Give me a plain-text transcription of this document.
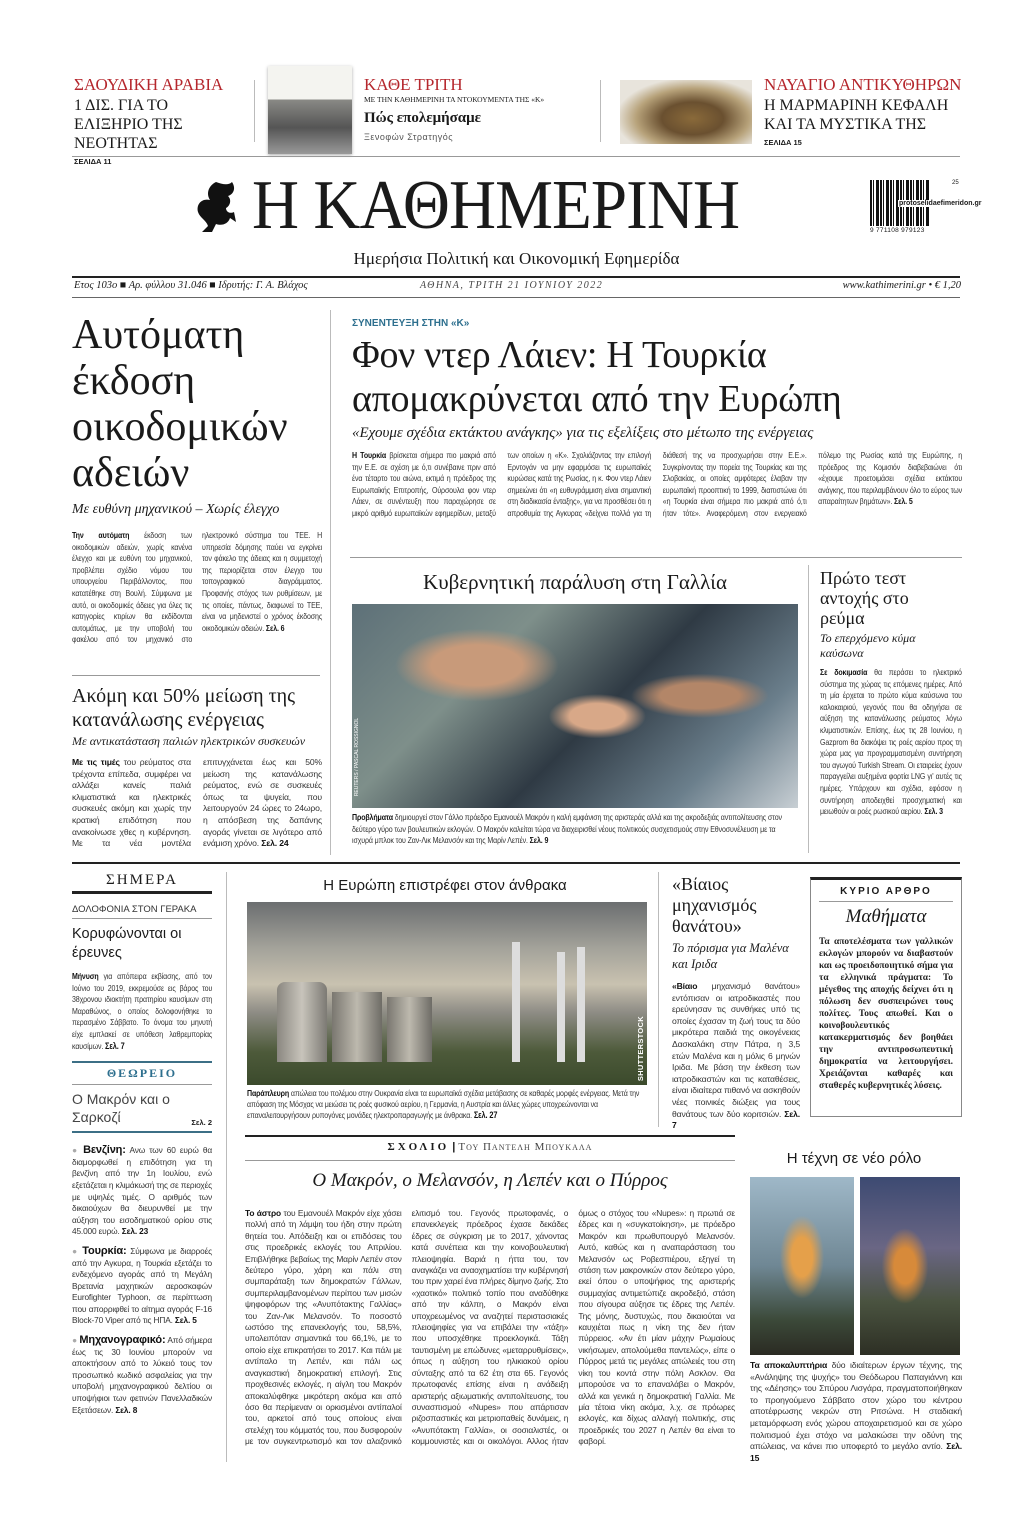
ΣΑΟΥΔΙΚΗ ΑΡΑΒΙΑ
1 ΔΙΣ. ΓΙΑ ΤΟ ΕΛΙΞΗΡΙΟ ΤΗΣ ΝΕΟΤΗΤΑΣ
ΣΕΛΙΔΑ 11
ΚΑΘΕ ΤΡΙΤΗ
ΜΕ ΤΗΝ ΚΑΘΗΜΕΡΙΝΗ ΤΑ ΝΤΟΚΟΥΜΕΝΤΑ ΤΗΣ «Κ»
Πώς επολεμήσαμε
Ξενοφών Στρατηγός
ΝΑΥΑΓΙΟ ΑΝΤΙΚΥΘΗΡΩΝ
Η ΜΑΡΜΑΡΙΝΗ ΚΕΦΑΛΗ ΚΑΙ ΤΑ ΜΥΣΤΙΚΑ ΤΗΣ
ΣΕΛΙΔΑ 15
Η ΚΑΘΗΜΕΡΙΝΗ	25
protoselidaefimeridon.gr
9 771108 979123
Ημερήσια Πολιτική και Οικονομική Εφημερίδα
Ετος 103ο ■ Αρ. φύλλου 31.046 ■ Ιδρυτής: Γ. Α. Βλάχος	ΑΘΗΝΑ, ΤΡΙΤΗ 21 ΙΟΥΝΙΟΥ 2022	www.kathimerini.gr • € 1,20
Αυτόματη έκδοση οικοδομικών αδειών
Με ευθύνη μηχανικού – Χωρίς έλεγχο
Την αυτόματη έκδοση των οικοδομικών αδειών, χωρίς κανένα έλεγχο και με ευθύνη του μηχανικού, προβλέπει σχέδιο νόμου του υπουργείου Περιβάλλοντος, που κατατέθηκε στη Βουλή. Σύμφωνα με αυτό, οι οικοδομικές άδειες για όλες τις κατηγορίες κτιρίων θα εκδίδονται αυτομάτως, με την υποβολή του φακέλου από τον μηχανικό στο ηλεκτρονικό σύστημα του ΤΕΕ. Η υπηρεσία δόμησης παύει να εγκρίνει τον φάκελο της άδειας και η συμμετοχή της περιορίζεται στον έλεγχο του τοπογραφικού διαγράμματος. Προφανής στόχος των ρυθμίσεων, με τις οποίες, πάντως, διαφωνεί το ΤΕΕ, είναι να μηδενιστεί ο χρόνος έκδοσης οικοδομικών αδειών. Σελ. 6
Ακόμη και 50% μείωση της κατανάλωσης ενέργειας
Με αντικατάσταση παλιών ηλεκτρικών συσκευών
Με τις τιμές του ρεύματος στα τρέχοντα επίπεδα, συμφέρει να αλλάξει κανείς παλιά κλιματιστικά και ηλεκτρικές συσκευές ακόμη και χωρίς την κρατική επιδότηση που ανακοίνωσε χθες η κυβέρνηση. Με τα νέα μοντέλα επιτυγχάνεται έως και 50% μείωση της κατανάλωσης ρεύματος, ενώ σε συσκευές όπως τα ψυγεία, που λειτουργούν 24 ώρες το 24ωρο, η απόσβεση της δαπάνης αγοράς γίνεται σε λιγότερο από ενάμιση χρόνο. Σελ. 24
ΣΥΝΕΝΤΕΥΞΗ ΣΤΗΝ «Κ»
Φον ντερ Λάιεν: Η Τουρκία απομακρύνεται από την Ευρώπη
«Εχουμε σχέδια εκτάκτου ανάγκης» για τις εξελίξεις στο μέτωπο της ενέργειας
Η Τουρκία βρίσκεται σήμερα πιο μακριά από την Ε.Ε. σε σχέση με ό,τι συνέβαινε πριν από ένα τέταρτο του αιώνα, εκτιμά η πρόεδρος της Ευρωπαϊκής Επιτροπής, Ούρσουλα φον ντερ Λάιεν, σε συνέντευξη που παραχώρησε σε μικρό αριθμό ευρωπαϊκών εφημερίδων, μεταξύ των οποίων η «Κ». Σχολιάζοντας την επιλογή Ερντογάν να μην εφαρμόσει τις ευρωπαϊκές κυρώσεις κατά της Ρωσίας, η κ. Φον ντερ Λάιεν σημειώνει ότι «η ευθυγράμμιση είναι σημαντική στη διαδικασία ένταξης», για να προσθέσει ότι η απροθυμία της Αγκυρας «δείχνει πολλά για τη διάθεσή της να προσχωρήσει στην Ε.Ε.». Συγκρίνοντας την πορεία της Τουρκίας και της Σλοβακίας, οι οποίες αμφότερες έλαβαν την ευρωπαϊκή προοπτική το 1999, διαπιστώνει ότι «η Τουρκία είναι σήμερα πιο μακριά από ό,τι ήταν τότε». Αναφερόμενη στον ενεργειακό πόλεμο της Ρωσίας κατά της Ευρώπης, η πρόεδρος της Κομισιόν διαβεβαιώνει ότι «έχουμε προετοιμάσει σχέδια εκτάκτου ανάγκης, που περιλαμβάνουν όλο το εύρος των απαραίτητων βημάτων». Σελ. 5
Κυβερνητική παράλυση στη Γαλλία
REUTERS / PASCAL ROSSIGNOL
Προβλήματα δημιουργεί στον Γάλλο πρόεδρο Εμανουέλ Μακρόν η καλή εμφάνιση της αριστεράς αλλά και της ακροδεξιάς αντιπολίτευσης στον δεύτερο γύρο των βουλευτικών εκλογών. Ο Μακρόν καλείται τώρα να διαχειρισθεί νέους πολιτικούς συσχετισμούς στην Εθνοσυνέλευση με τα ισχυρά μπλοκ του Ζαν-Λικ Μελανσόν και της Μαρίν Λεπέν. Σελ. 9
Πρώτο τεστ αντοχής στο ρεύμα
Το επερχόμενο κύμα καύσωνα
Σε δοκιμασία θα περάσει το ηλεκτρικό σύστημα της χώρας τις επόμενες ημέρες. Από τη μία έρχεται το πρώτο κύμα καύσωνα του καλοκαιριού, γεγονός που θα οδηγήσει σε αύξηση της κατανάλωσης ρεύματος λόγω κλιματιστικών. Επίσης, έως τις 28 Ιουνίου, η Gazprom θα διακόψει τις ροές αερίου προς τη χώρα μας για προγραμματισμένη συντήρηση του αγωγού Turkish Stream. Οι εταιρείες έχουν παραγγείλει αυξημένα φορτία LNG γι' αυτές τις ημέρες. Υπάρχουν και σχέδια, εφόσον η συντήρηση αποδειχθεί προσχηματική και μειωθούν οι ροές ρωσικού αερίου. Σελ. 3
ΣΗΜΕΡΑ
ΔΟΛΟΦΟΝΙΑ ΣΤΟΝ ΓΕΡΑΚΑ
Κορυφώνονται οι έρευνες
Μήνυση για απόπειρα εκβίασης, από τον Ιούνιο του 2019, εκκρεμούσε εις βάρος του 38χρονου ιδιοκτήτη πρατηρίου καυσίμων στη Μαραθώνος, ο οποίος δολοφονήθηκε το περασμένο Σάββατο. Το όνομα του μηνυτή είχε εμπλακεί σε υπόθεση λαθρεμπορίας καυσίμων. Σελ. 7
ΘΕΩΡΕΙΟ
Ο Μακρόν και ο Σαρκοζί	Σελ. 2
● Βενζίνη: Ανω των 60 ευρώ θα διαμορφωθεί η επιδότηση για τη βενζίνη από την 1η Ιουλίου, ενώ εξετάζεται η κλιμάκωσή της σε περιοχές με υψηλές τιμές. Ο αριθμός των δικαιούχων θα διευρυνθεί με την αύξηση του εισοδηματικού ορίου στις 45.000 ευρώ. Σελ. 23
● Τουρκία: Σύμφωνα με διαρροές από την Αγκυρα, η Τουρκία εξετάζει το ενδεχόμενο αγοράς από τη Μεγάλη Βρετανία μαχητικών αεροσκαφών Eurofighter Typhoon, σε περίπτωση που απορριφθεί το αίτημα αγοράς F-16 Block-70 Viper από τις ΗΠΑ. Σελ. 5
● Μηχανογραφικό: Από σήμερα έως τις 30 Ιουνίου μπορούν να αποκτήσουν από το λύκειό τους τον προσωπικό κωδικό ασφαλείας για την υποβολή μηχανογραφικού δελτίου οι υποψήφιοι των φετινών Πανελλαδικών Εξετάσεων. Σελ. 8
Η Ευρώπη επιστρέφει στον άνθρακα
SHUTTERSTOCK
Παράπλευρη απώλεια του πολέμου στην Ουκρανία είναι τα ευρωπαϊκά σχέδια μετάβασης σε καθαρές μορφές ενέργειας. Μετά την απόφαση της Μόσχας να μειώσει τις ροές φυσικού αερίου, η Γερμανία, η Αυστρία και άλλες χώρες υποχρεώνονται να επαναλειτουργήσουν ρυπογόνες μονάδες ηλεκτροπαραγωγής με άνθρακα. Σελ. 27
ΣΧΟΛΙΟ | Του Παντελη Μπουκαλα
Ο Μακρόν, ο Μελανσόν, η Λεπέν και ο Πύρρος
Το άστρο του Εμανουέλ Μακρόν είχε χάσει πολλή από τη λάμψη του ήδη στην πρώτη θητεία του. Απόδειξη και οι επιδόσεις του στις προεδρικές εκλογές του Απριλίου. Επιβλήθηκε βεβαίως της Μαρίν Λεπέν στον δεύτερο γύρο, χάρη και πάλι στη συμπαράταξη των δημοκρατών Γάλλων, συμπεριλαμβανομένων περίπου των μισών ψηφοφόρων της «Ανυπότακτης Γαλλίας» του Ζαν-Λικ Μελανσόν. Το ποσοστό ωστόσο της επανεκλογής του, 58,5%, υπολειπόταν σημαντικά του 66,1%, με το οποίο είχε επικρατήσει το 2017. Και πάλι με αντίπαλο τη Λεπέν, και πάλι ως αναγκαστική δημοκρατική επιλογή. Στις προχθεσινές εκλογές, η αίγλη του Μακρόν αποκαλύφθηκε μικρότερη ακόμα και από όσο θα περίμεναν οι ορκισμένοι αντίπαλοί του, αρκετοί από τους οποίους είναι στελέχη του κόμματός του, που δυσφορούν με τον συγκεντρωτισμό και τον αλαζονικό ελιτισμό του. Γεγονός πρωτοφανές, ο επανεκλεγείς πρόεδρος έχασε δεκάδες έδρες σε σύγκριση με το 2017, χάνοντας κατά συνέπεια και την κοινοβουλευτική πλειοψηφία. Βαριά η ήττα του, τον αναγκάζει να αναοχηματίσει την κυβέρνησή του πριν χαρεί ένα πλήρες δίμηνο ζωής. Στο «χαοτικό» πολιτικό τοπίο που αναδύθηκε από την κάλπη, ο Μακρόν είναι υποχρεωμένος να αναζητεί περιστασιακές πλειοψηφίες για να επιβάλει την «τάξη» που υποσχέθηκε προεκλογικά. Τάξη ταυτισμένη με επώδυνες «μεταρρυθμίσεις», όπως η αύξηση του ηλικιακού ορίου σύνταξης από τα 62 έτη στα 65. Γεγονός πρωτοφανές επίσης είναι η ανάδειξη αριστερής αξιωματικής αντιπολίτευσης, του συνασπισμού «Nupes» που απάρτισαν ριζοσπαστικές και μετριοπαθείς δυνάμεις, η «Ανυπότακτη Γαλλία», οι σοσιαλιστές, οι κομμουνιστές και οι οικολόγοι. Αλλος ήταν όμως ο στόχος του «Nupes»: η πρωτιά σε έδρες και η «συγκατοίκηση», με πρόεδρο Μακρόν και πρωθυπουργό Μελανσόν. Αυτό, καθώς και η αναπαράσταση του Μελανσόν ως Ροβεσπιέρου, εξηγεί τη στάση των μακρονικών στον δεύτερο γύρο, εκεί όπου ο υποψήφιος της αριστερής συμμαχίας αντιμετώπιζε ακροδεξιό, στάση που σίγουρα αύξησε τις έδρες της Λεπέν. Της μόνης, δυστυχώς, που δικαιούται να καυχιέται πως η νίκη της δεν ήταν πύρρειος. «Αν έτι μίαν μάχην Ρωμαίους νικήσωμεν, απολούμεθα παντελώς», είπε ο Πύρρος μετά τις μεγάλες απώλειές του στη νίκη του κοντά στην πόλη Ασκλον. Θα μπορούσε να το επαναλάβει ο Μακρόν, αλλά και γενικά η δημοκρατική Γαλλία. Με μία τέτοια νίκη ακόμα, λ.χ. σε πρόωρες εκλογές, και δίχως αλλαγή πολιτικής, στις προεδρικές του 2027 η Λεπέν θα είναι το φαβορί.
«Βίαιος μηχανισμός θανάτου»
Το πόρισμα για Μαλένα και Ιριδα
«Βίαιο μηχανισμό θανάτου» εντόπισαν οι ιατροδικαστές που ερεύνησαν τις συνθήκες υπό τις οποίες έχασαν τη ζωή τους τα δύο μικρότερα παιδιά της οικογένειας Δασκαλάκη στην Πάτρα, η 3,5 ετών Μαλένα και η μόλις 6 μηνών Ιριδα. Με βάση την έκθεση των ιατροδικαστών και τις καταθέσεις, είναι ιδιαίτερα πιθανό να ασκηθούν νέες ποινικές διώξεις για τους θανάτους των δύο κοριτσιών. Σελ. 7
ΚΥΡΙΟ ΑΡΘΡΟ
Μαθήματα
Τα αποτελέσματα των γαλλικών εκλογών μπορούν να διαβαστούν και ως προειδοποιητικό σήμα για τα ελληνικά πράγματα: Το μέγεθος της αποχής δείχνει ότι η πόλωση δεν συσπειρώνει τους πολίτες. Τους απωθεί. Και ο κοινοβουλευτικός κατακερματισμός δεν βοηθάει την αντιπροσωπευτική δημοκρατία να λειτουργήσει. Χρειάζονται καθαρές και σταθερές κυβερνητικές λύσεις.
Η τέχνη σε νέο ρόλο
Τα αποκαλυπτήρια δύο ιδιαίτερων έργων τέχνης, της «Ανάληψης της ψυχής» του Θεόδωρου Παπαγιάννη και της «Δέησης» του Σπύρου Λισγάρα, πραγματοποιήθηκαν το προηγούμενο Σάββατο στον χώρο του κέντρου αποτέφρωσης νεκρών στη Ριτσώνα. Η σταδιακή μεταμόρφωση ενός χώρου αποχαιρετισμού και σε χώρο πολιτισμού έχει στόχο να μαλακώσει την οδύνη της απώλειας, να κάνει πιο υποφερτό το μεγάλο αντίο. Σελ. 15
